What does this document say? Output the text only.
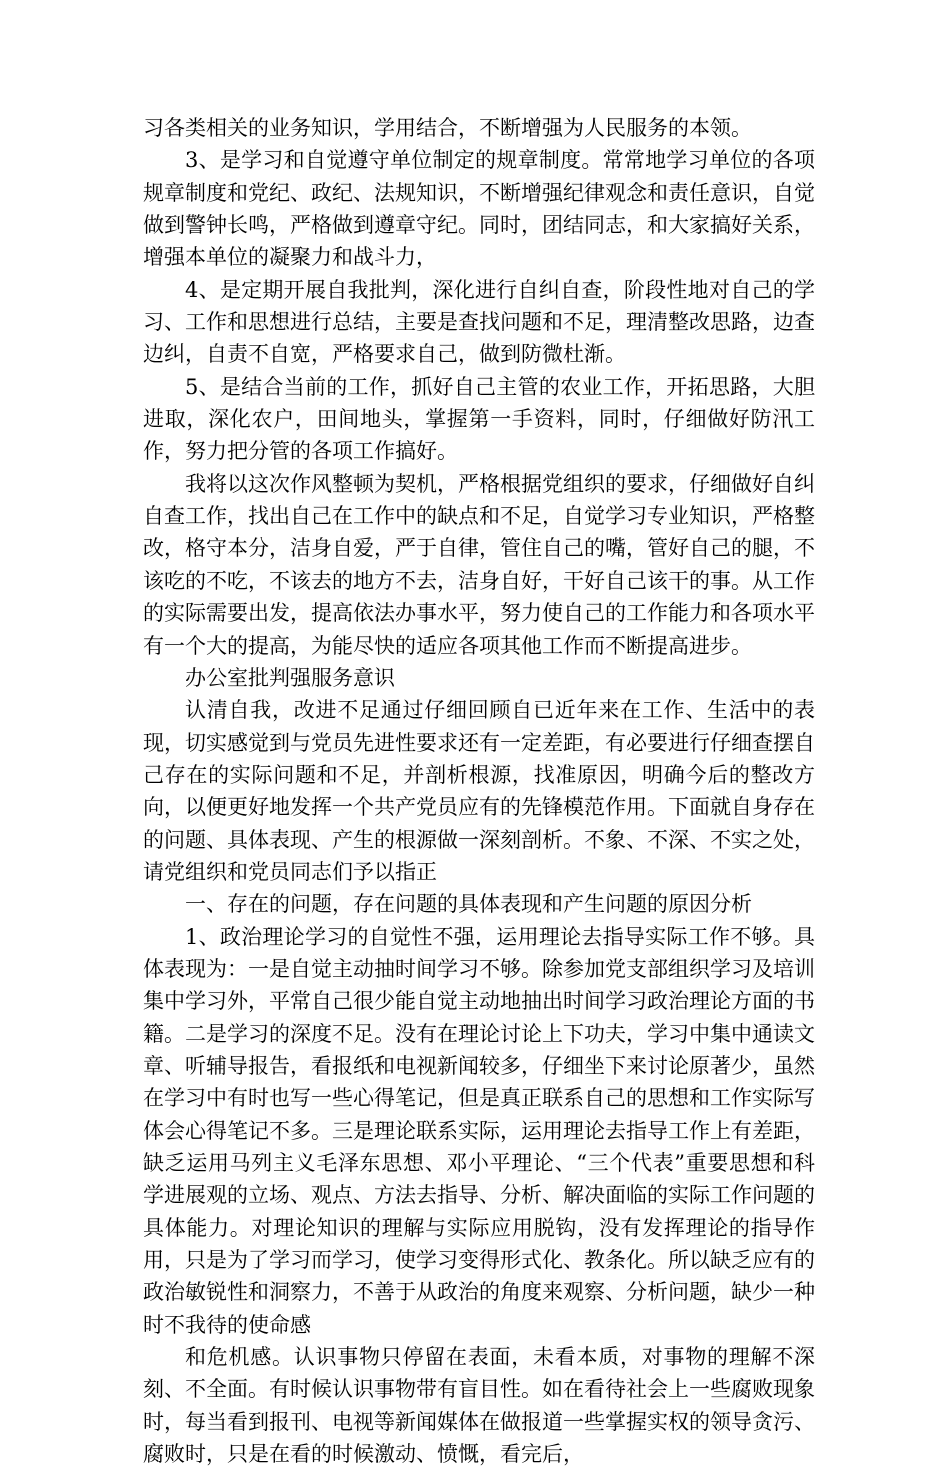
习各类相关的业务知识，学用结合，不断增强为人民服务的本领。

3、是学习和自觉遵守单位制定的规章制度。常常地学习单位的各项规章制度和党纪、政纪、法规知识，不断增强纪律观念和责任意识，自觉做到警钟长鸣，严格做到遵章守纪。同时，团结同志，和大家搞好关系，增强本单位的凝聚力和战斗力，

4、是定期开展自我批判，深化进行自纠自查，阶段性地对自己的学习、工作和思想进行总结，主要是查找问题和不足，理清整改思路，边查边纠，自责不自宽，严格要求自己，做到防微杜渐。

5、是结合当前的工作，抓好自己主管的农业工作，开拓思路，大胆进取，深化农户，田间地头，掌握第一手资料，同时，仔细做好防汛工作，努力把分管的各项工作搞好。

我将以这次作风整顿为契机，严格根据党组织的要求，仔细做好自纠自查工作，找出自己在工作中的缺点和不足，自觉学习专业知识，严格整改，格守本分，洁身自爱，严于自律，管住自己的嘴，管好自己的腿，不该吃的不吃，不该去的地方不去，洁身自好，干好自己该干的事。从工作的实际需要出发，提高依法办事水平，努力使自己的工作能力和各项水平有一个大的提高，为能尽快的适应各项其他工作而不断提高进步。

办公室批判强服务意识

认清自我，改进不足通过仔细回顾自已近年来在工作、生活中的表现，切实感觉到与党员先进性要求还有一定差距，有必要进行仔细查摆自己存在的实际问题和不足，并剖析根源，找准原因，明确今后的整改方向，以便更好地发挥一个共产党员应有的先锋模范作用。下面就自身存在的问题、具体表现、产生的根源做一深刻剖析。不象、不深、不实之处，请党组织和党员同志们予以指正

一、存在的问题，存在问题的具体表现和产生问题的原因分析

1、政治理论学习的自觉性不强，运用理论去指导实际工作不够。具体表现为：一是自觉主动抽时间学习不够。除参加党支部组织学习及培训集中学习外，平常自己很少能自觉主动地抽出时间学习政治理论方面的书籍。二是学习的深度不足。没有在理论讨论上下功夫，学习中集中通读文章、听辅导报告，看报纸和电视新闻较多，仔细坐下来讨论原著少，虽然在学习中有时也写一些心得笔记，但是真正联系自己的思想和工作实际写体会心得笔记不多。三是理论联系实际，运用理论去指导工作上有差距，缺乏运用马列主义毛泽东思想、邓小平理论、“三个代表”重要思想和科学进展观的立场、观点、方法去指导、分析、解决面临的实际工作问题的具体能力。对理论知识的理解与实际应用脱钩，没有发挥理论的指导作用，只是为了学习而学习，使学习变得形式化、教条化。所以缺乏应有的政治敏锐性和洞察力，不善于从政治的角度来观察、分析问题，缺少一种时不我待的使命感

和危机感。认识事物只停留在表面，未看本质，对事物的理解不深刻、不全面。有时候认识事物带有盲目性。如在看待社会上一些腐败现象时，每当看到报刊、电视等新闻媒体在做报道一些掌握实权的领导贪污、腐败时，只是在看的时候激动、愤慨，看完后，
